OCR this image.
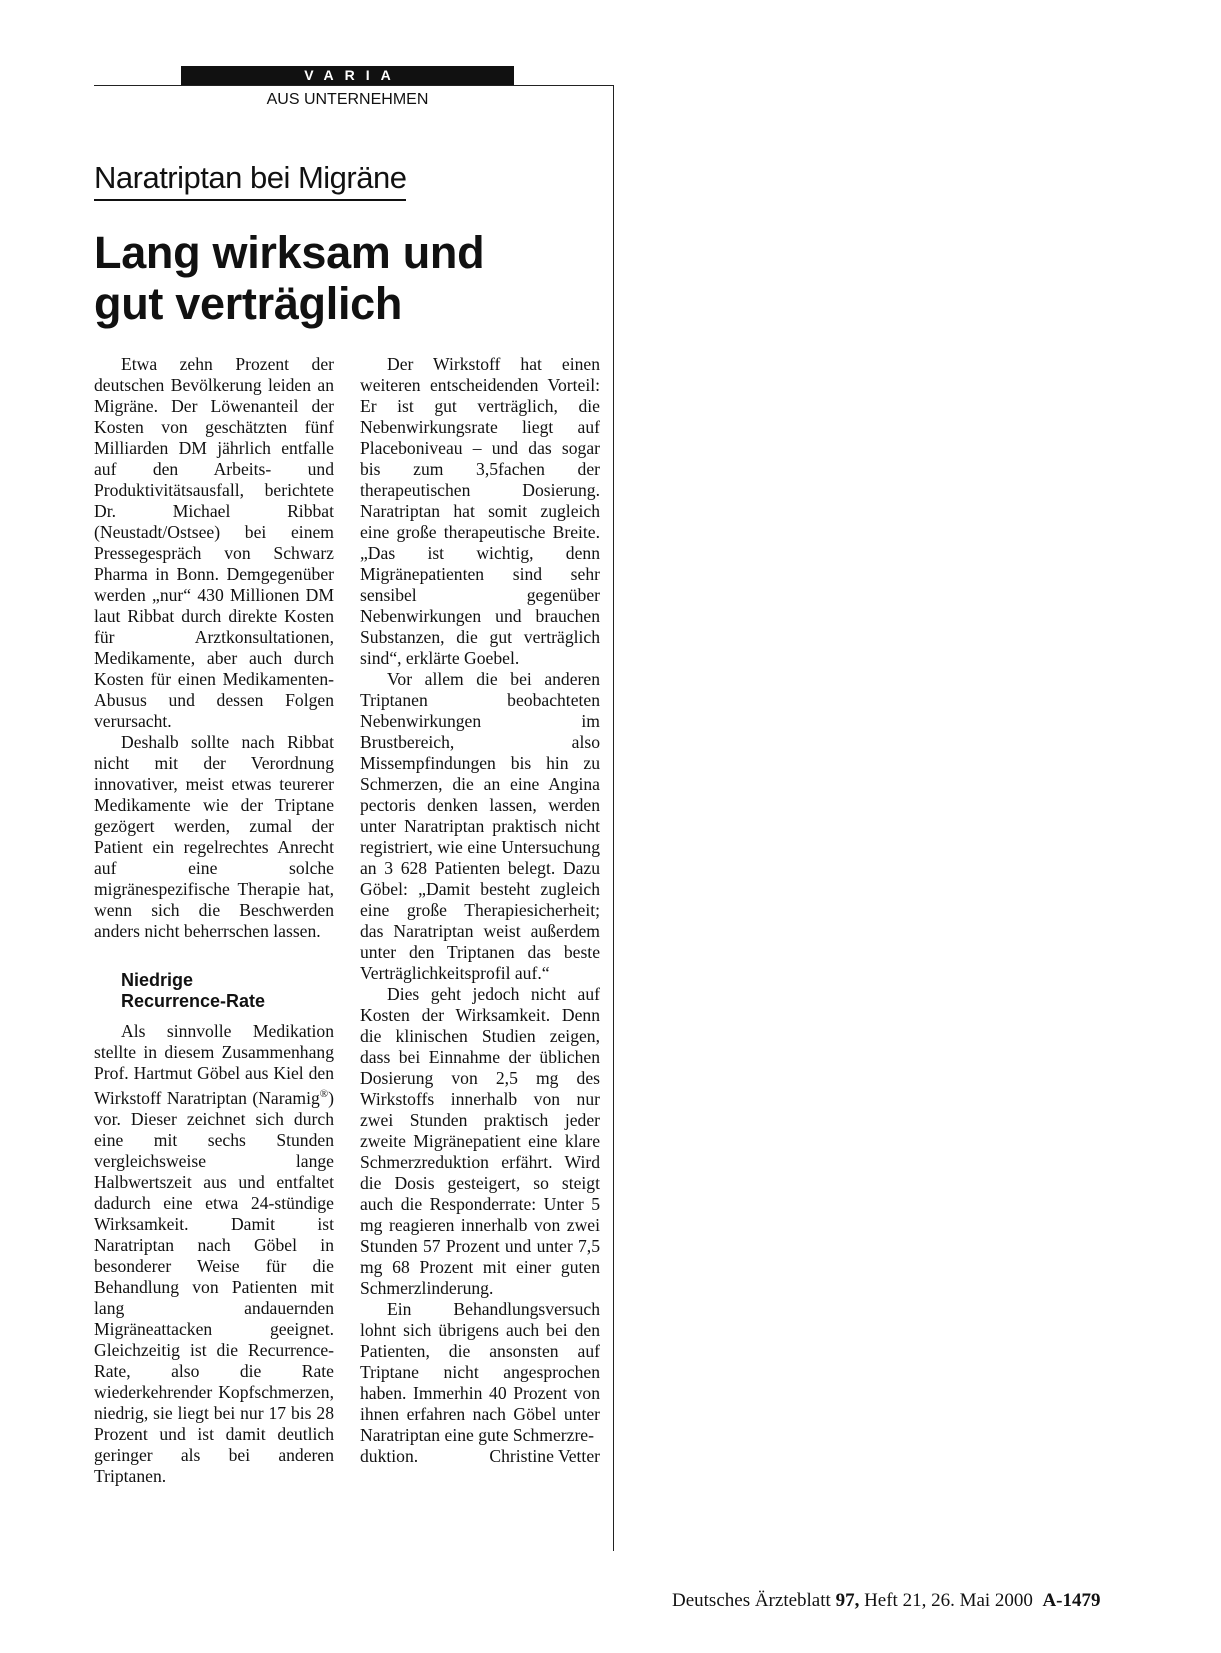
VARIA
AUS UNTERNEHMEN
Naratriptan bei Migräne
Lang wirksam und
gut verträglich

Etwa zehn Prozent der deutschen Bevölkerung leiden an Migräne. Der Löwenanteil der Kosten von geschätzten fünf Milliarden DM jährlich entfalle auf den Arbeits- und Produktivitätsausfall, berichtete Dr. Michael Ribbat (Neustadt/Ostsee) bei einem Pressegespräch von Schwarz Pharma in Bonn. Demgegenüber werden „nur“ 430 Millionen DM laut Ribbat durch direkte Kosten für Arztkonsultationen, Medikamente, aber auch durch Kosten für einen Medikamenten-Abusus und dessen Folgen verursacht.

Deshalb sollte nach Ribbat nicht mit der Verordnung innovativer, meist etwas teurerer Medikamente wie der Triptane gezögert werden, zumal der Patient ein regelrechtes Anrecht auf eine solche migränespezifische Therapie hat, wenn sich die Beschwerden anders nicht beherrschen lassen.

Niedrige
Recurrence-Rate

Als sinnvolle Medikation stellte in diesem Zusammenhang Prof. Hartmut Göbel aus Kiel den Wirkstoff Naratriptan (Naramig®) vor. Dieser zeichnet sich durch eine mit sechs Stunden vergleichsweise lange Halbwertszeit aus und entfaltet dadurch eine etwa 24-stündige Wirksamkeit. Damit ist Naratriptan nach Göbel in besonderer Weise für die Behandlung von Patienten mit lang andauernden Migräneattacken geeignet. Gleichzeitig ist die Recurrence-Rate, also die Rate wiederkehrender Kopfschmerzen, niedrig, sie liegt bei nur 17 bis 28 Prozent und ist damit deutlich geringer als bei anderen Triptanen.

Der Wirkstoff hat einen weiteren entscheidenden Vorteil: Er ist gut verträglich, die Nebenwirkungsrate liegt auf Placeboniveau – und das sogar bis zum 3,5fachen der therapeutischen Dosierung. Naratriptan hat somit zugleich eine große therapeutische Breite. „Das ist wichtig, denn Migränepatienten sind sehr sensibel gegenüber Nebenwirkungen und brauchen Substanzen, die gut verträglich sind“, erklärte Goebel.

Vor allem die bei anderen Triptanen beobachteten Nebenwirkungen im Brustbereich, also Missempfindungen bis hin zu Schmerzen, die an eine Angina pectoris denken lassen, werden unter Naratriptan praktisch nicht registriert, wie eine Untersuchung an 3 628 Patienten belegt. Dazu Göbel: „Damit besteht zugleich eine große Therapiesicherheit; das Naratriptan weist außerdem unter den Triptanen das beste Verträglichkeitsprofil auf.“

Dies geht jedoch nicht auf Kosten der Wirksamkeit. Denn die klinischen Studien zeigen, dass bei Einnahme der üblichen Dosierung von 2,5 mg des Wirkstoffs innerhalb von nur zwei Stunden praktisch jeder zweite Migränepatient eine klare Schmerzreduktion erfährt. Wird die Dosis gesteigert, so steigt auch die Responderrate: Unter 5 mg reagieren innerhalb von zwei Stunden 57 Prozent und unter 7,5 mg 68 Prozent mit einer guten Schmerzlinderung.

Ein Behandlungsversuch lohnt sich übrigens auch bei den Patienten, die ansonsten auf Triptane nicht angesprochen haben. Immerhin 40 Prozent von ihnen erfahren nach Göbel unter Naratriptan eine gute Schmerzre-

duktion.	Christine Vetter
Deutsches Ärzteblatt 97, Heft 21, 26. Mai 2000 A-1479
